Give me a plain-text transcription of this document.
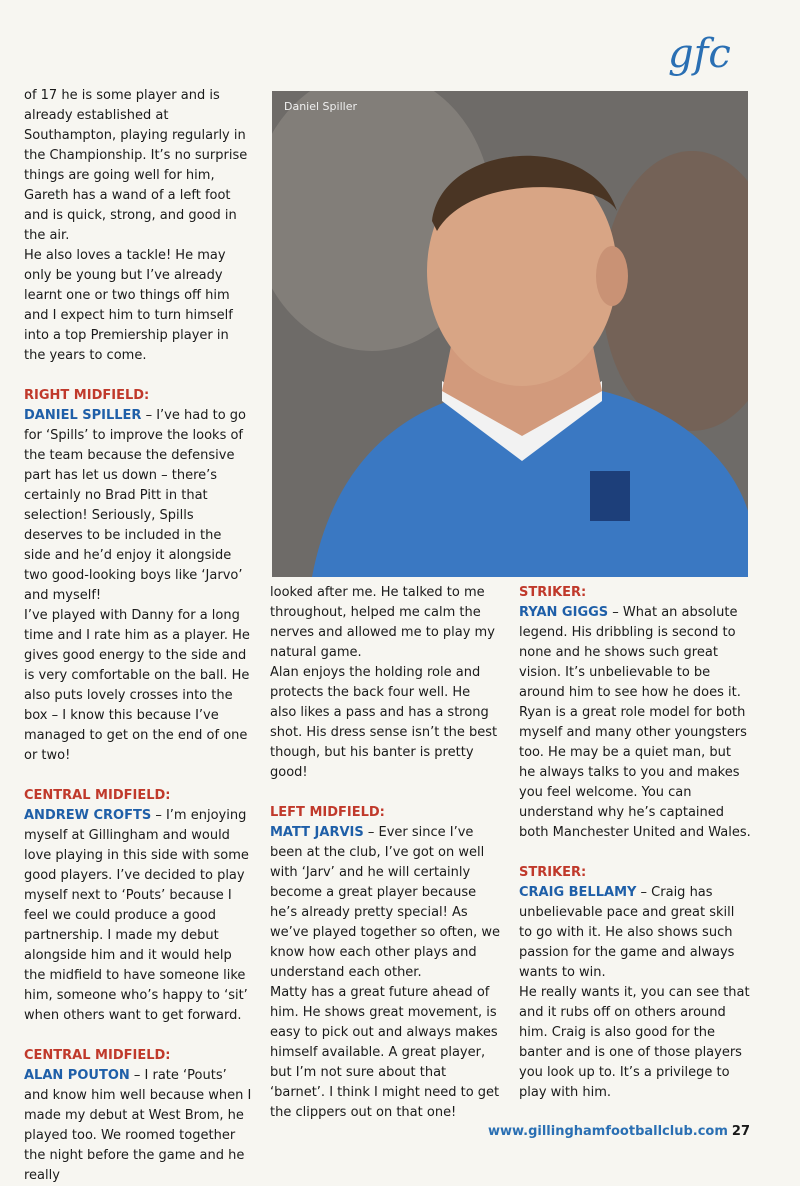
gfc

of 17 he is some player and is already established at Southampton, playing regularly in the Championship. It’s no surprise things are going well for him, Gareth has a wand of a left foot and is quick, strong, and good in the air.

He also loves a tackle! He may only be young but I’ve already learnt one or two things off him and I expect him to turn himself into a top Premiership player in the years to come.

RIGHT MIDFIELD:

DANIEL SPILLER – I’ve had to go for ‘Spills’ to improve the looks of the team because the defensive part has let us down – there’s certainly no Brad Pitt in that selection! Seriously, Spills deserves to be included in the side and he’d enjoy it alongside two good-looking boys like ‘Jarvo’ and myself!

I’ve played with Danny for a long time and I rate him as a player. He gives good energy to the side and is very comfortable on the ball. He also puts lovely crosses into the box – I know this because I’ve managed to get on the end of one or two!

CENTRAL MIDFIELD:

ANDREW CROFTS – I’m enjoying myself at Gillingham and would love playing in this side with some good players. I’ve decided to play myself next to ‘Pouts’ because I feel we could produce a good partnership. I made my debut alongside him and it would help the midfield to have someone like him, someone who’s happy to ‘sit’ when others want to get forward.

CENTRAL MIDFIELD:

ALAN POUTON – I rate ‘Pouts’ and know him well because when I made my debut at West Brom, he played too. We roomed together the night before the game and he really

Daniel Spiller

looked after me. He talked to me throughout, helped me calm the nerves and allowed me to play my natural game.

Alan enjoys the holding role and protects the back four well. He also likes a pass and has a strong shot. His dress sense isn’t the best though, but his banter is pretty good!

LEFT MIDFIELD:

MATT JARVIS – Ever since I’ve been at the club, I’ve got on well with ‘Jarv’ and he will certainly become a great player because he’s already pretty special! As we’ve played together so often, we know how each other plays and understand each other.

Matty has a great future ahead of him. He shows great movement, is easy to pick out and always makes himself available. A great player, but I’m not sure about that ‘barnet’. I think I might need to get the clippers out on that one!

STRIKER:

RYAN GIGGS – What an absolute legend. His dribbling is second to none and he shows such great vision. It’s unbelievable to be around him to see how he does it.

Ryan is a great role model for both myself and many other youngsters too. He may be a quiet man, but he always talks to you and makes you feel welcome. You can understand why he’s captained both Manchester United and Wales.

STRIKER:

CRAIG BELLAMY – Craig has unbelievable pace and great skill to go with it. He also shows such passion for the game and always wants to win.

He really wants it, you can see that and it rubs off on others around him. Craig is also good for the banter and is one of those players you look up to. It’s a privilege to play with him.

www.gillinghamfootballclub.com 27
